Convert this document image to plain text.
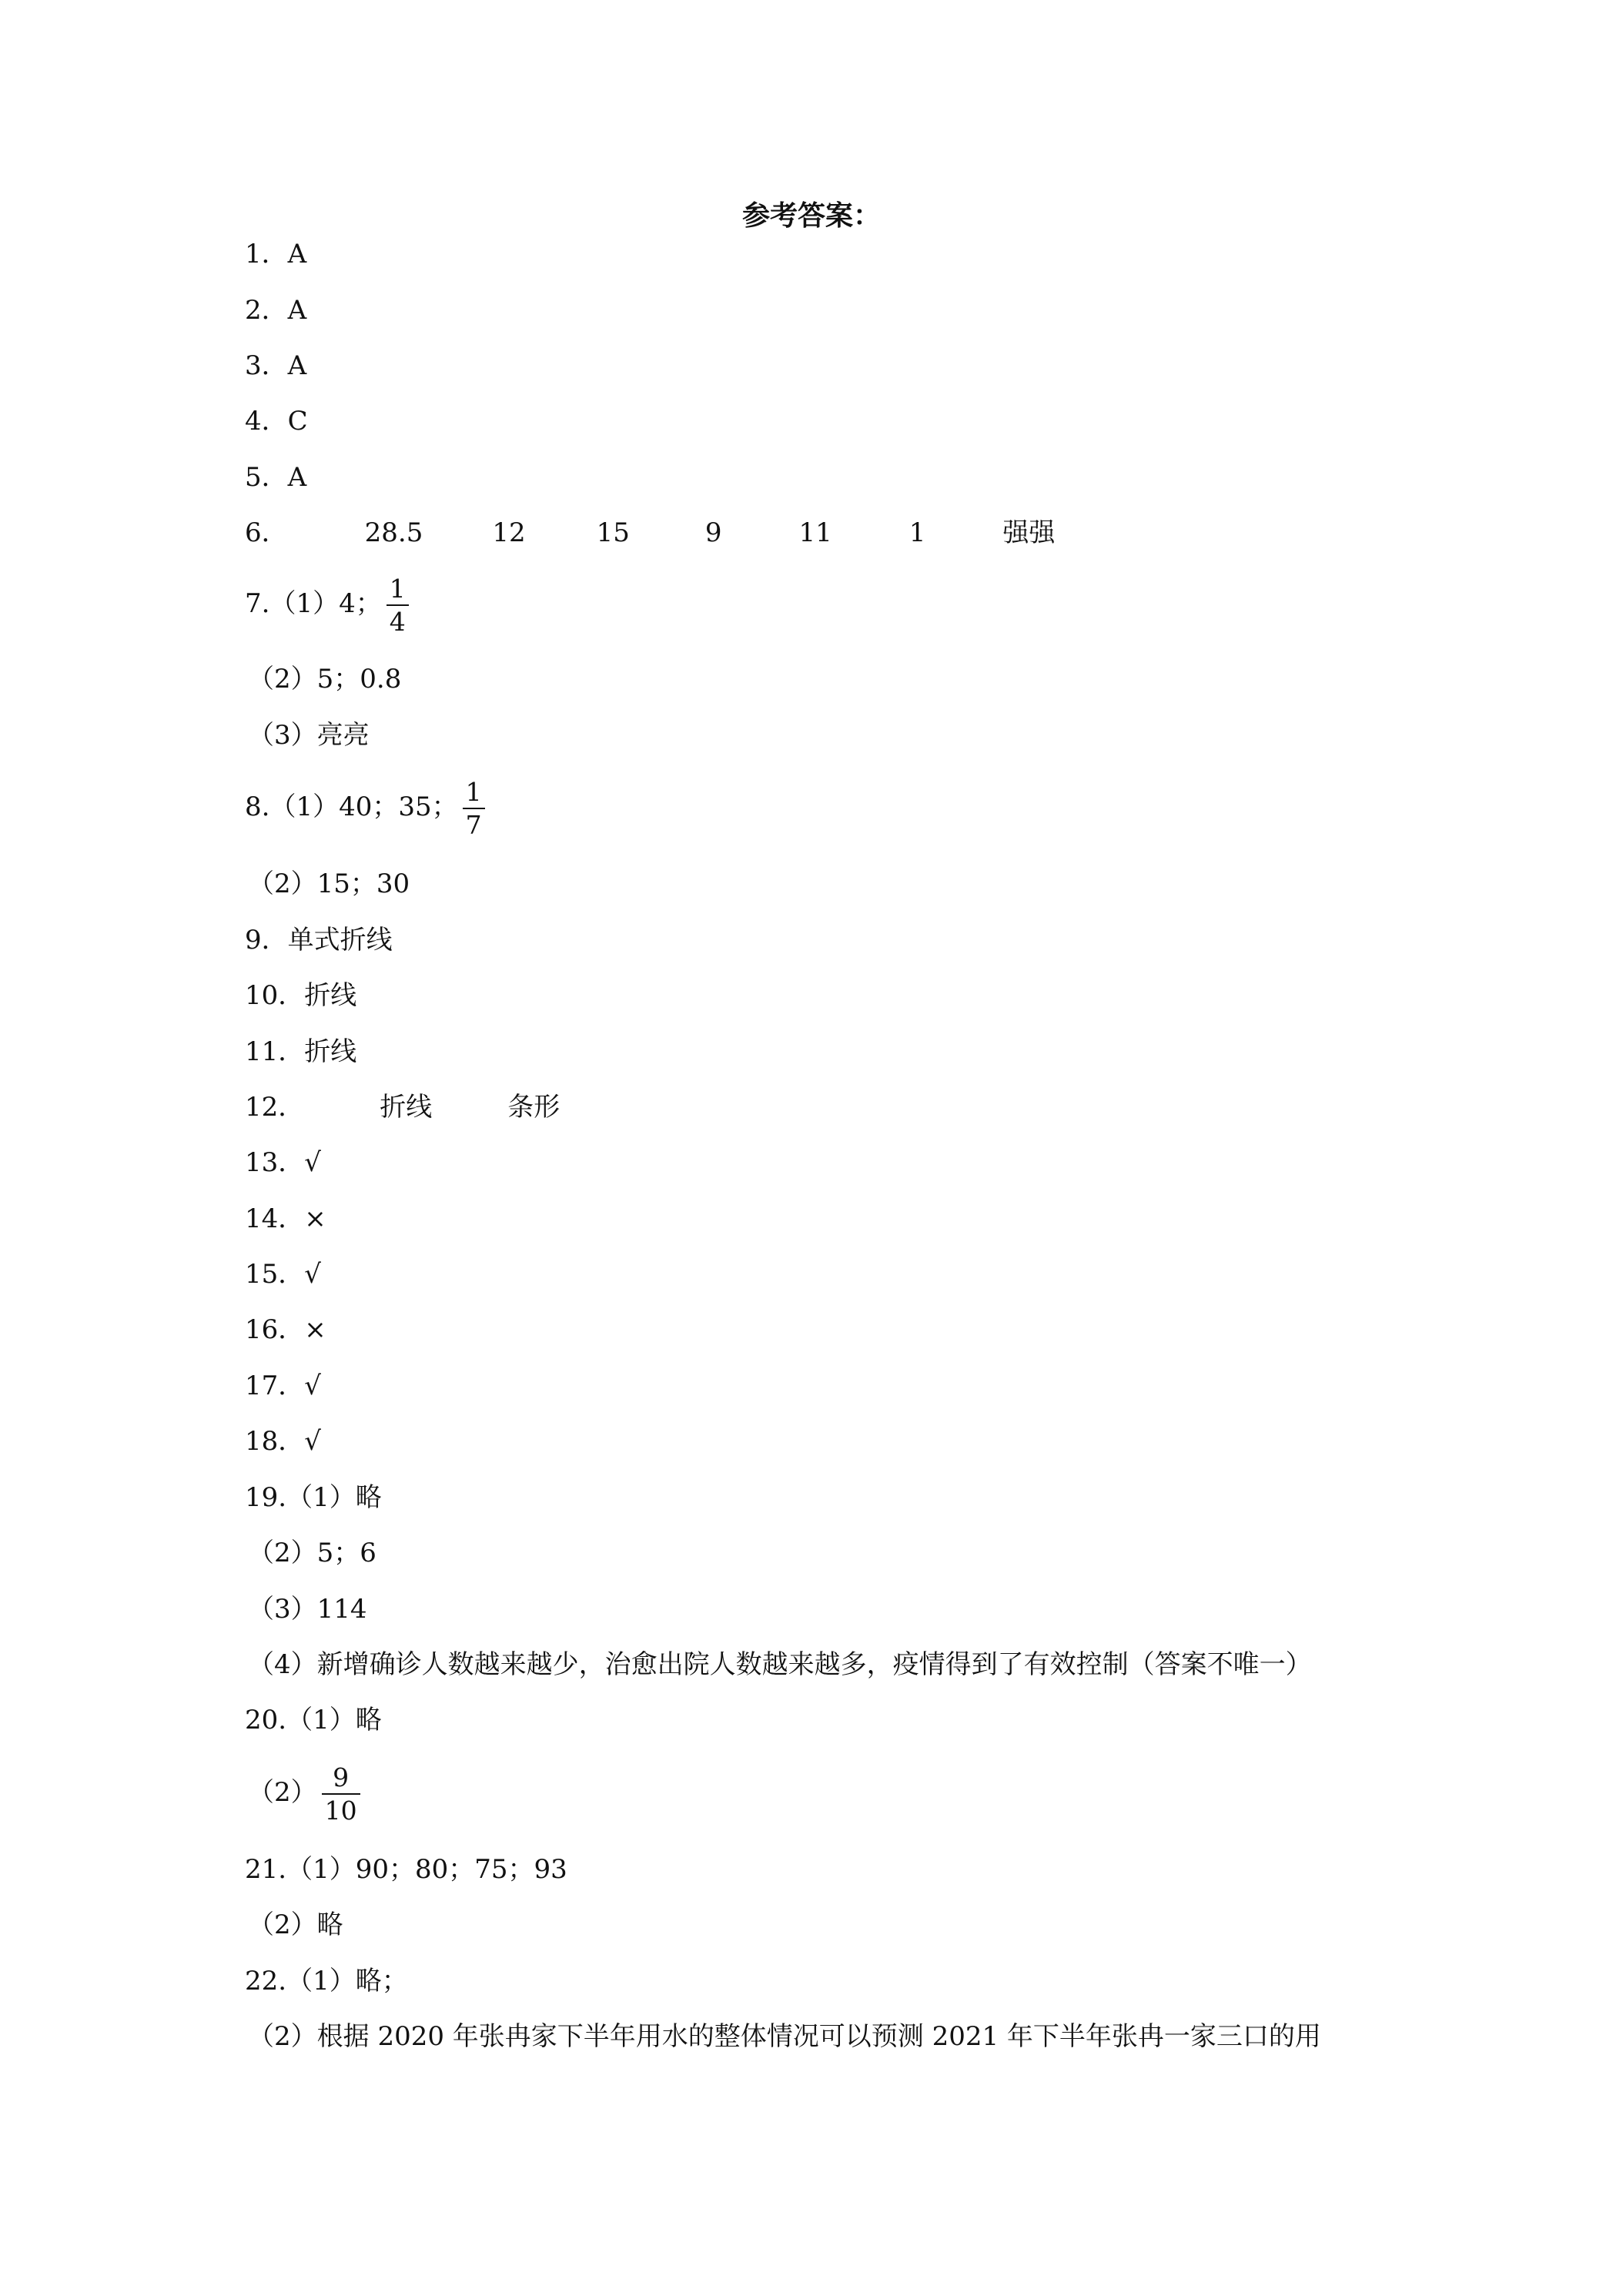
参考答案：
1．A
2．A
3．A
4．C
5．A
6．	28.5	12	15	9	11	1	强强
7.（1）4； $\frac{1}{4}$
（2）5；0.8
（3）亮亮
8.（1）40；35； $\frac{1}{7}$
（2）15；30
9．单式折线
10．折线
11．折线
12．	折线	条形
13．√
14．×
15．√
16．×
17．√
18．√
19.（1）略
（2）5；6
（3）114
（4）新增确诊人数越来越少，治愈出院人数越来越多，疫情得到了有效控制（答案不唯一）
20.（1）略
$(2) \frac{9}{10}$
21.（1）90；80；75；93
（2）略
22.（1）略；
（2）根据 2020 年张冉家下半年用水的整体情况可以预测 2021 年下半年张冉一家三口的用
